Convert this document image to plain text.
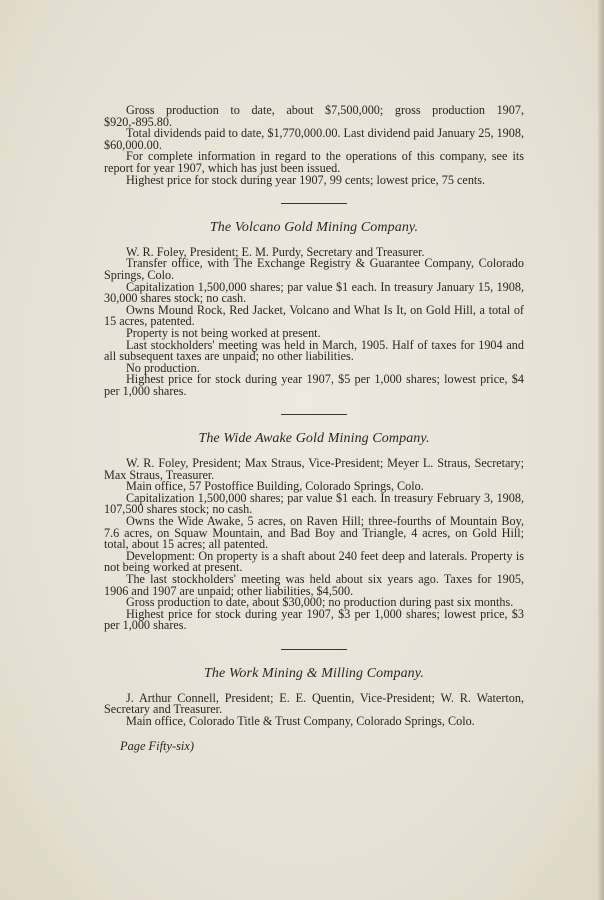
Gross production to date, about $7,500,000; gross production 1907, $920,-895.80.

Total dividends paid to date, $1,770,000.00. Last dividend paid January 25, 1908, $60,000.00.

For complete information in regard to the operations of this company, see its report for year 1907, which has just been issued.

Highest price for stock during year 1907, 99 cents; lowest price, 75 cents.

The Volcano Gold Mining Company.

W. R. Foley, President; E. M. Purdy, Secretary and Treasurer.

Transfer office, with The Exchange Registry & Guarantee Company, Colorado Springs, Colo.

Capitalization 1,500,000 shares; par value $1 each. In treasury January 15, 1908, 30,000 shares stock; no cash.

Owns Mound Rock, Red Jacket, Volcano and What Is It, on Gold Hill, a total of 15 acres, patented.

Property is not being worked at present.

Last stockholders' meeting was held in March, 1905. Half of taxes for 1904 and all subsequent taxes are unpaid; no other liabilities.

No production.

Highest price for stock during year 1907, $5 per 1,000 shares; lowest price, $4 per 1,000 shares.

The Wide Awake Gold Mining Company.

W. R. Foley, President; Max Straus, Vice-President; Meyer L. Straus, Secretary; Max Straus, Treasurer.

Main office, 57 Postoffice Building, Colorado Springs, Colo.

Capitalization 1,500,000 shares; par value $1 each. In treasury February 3, 1908, 107,500 shares stock; no cash.

Owns the Wide Awake, 5 acres, on Raven Hill; three-fourths of Mountain Boy, 7.6 acres, on Squaw Mountain, and Bad Boy and Triangle, 4 acres, on Gold Hill; total, about 15 acres; all patented.

Development: On property is a shaft about 240 feet deep and laterals. Property is not being worked at present.

The last stockholders' meeting was held about six years ago. Taxes for 1905, 1906 and 1907 are unpaid; other liabilities, $4,500.

Gross production to date, about $30,000; no production during past six months.

Highest price for stock during year 1907, $3 per 1,000 shares; lowest price, $3 per 1,000 shares.

The Work Mining & Milling Company.

J. Arthur Connell, President; E. E. Quentin, Vice-President; W. R. Waterton, Secretary and Treasurer.

Main office, Colorado Title & Trust Company, Colorado Springs, Colo.

Page Fifty-six)
